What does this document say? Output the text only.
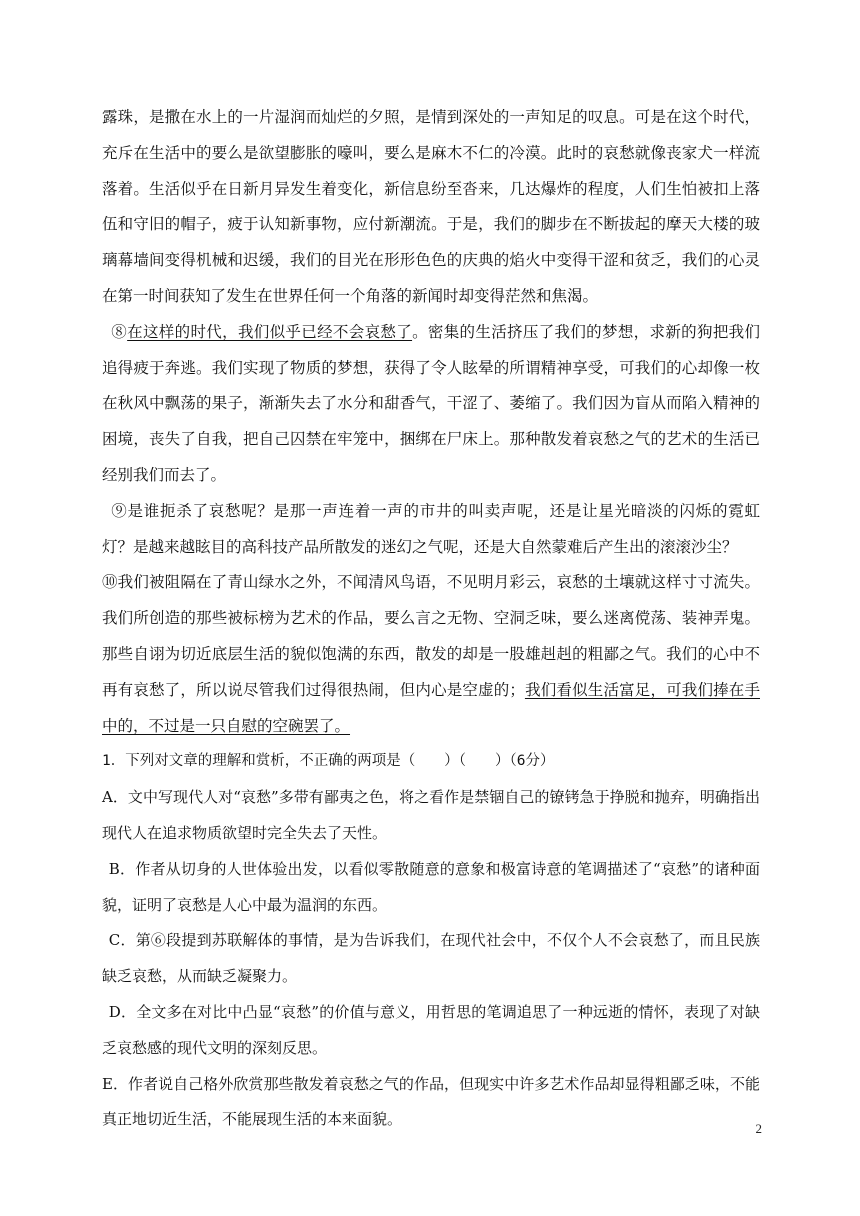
露珠，是撒在水上的一片湿润而灿烂的夕照，是情到深处的一声知足的叹息。可是在这个时代，充斥在生活中的要么是欲望膨胀的嚎叫，要么是麻木不仁的冷漠。此时的哀愁就像丧家犬一样流落着。生活似乎在日新月异发生着变化，新信息纷至沓来，几达爆炸的程度，人们生怕被扣上落伍和守旧的帽子，疲于认知新事物，应付新潮流。于是，我们的脚步在不断拔起的摩天大楼的玻璃幕墙间变得机械和迟缓，我们的目光在形形色色的庆典的焰火中变得干涩和贫乏，我们的心灵在第一时间获知了发生在世界任何一个角落的新闻时却变得茫然和焦渴。

⑧在这样的时代，我们似乎已经不会哀愁了。密集的生活挤压了我们的梦想，求新的狗把我们追得疲于奔逃。我们实现了物质的梦想，获得了令人眩晕的所谓精神享受，可我们的心却像一枚在秋风中飘荡的果子，渐渐失去了水分和甜香气，干涩了、萎缩了。我们因为盲从而陷入精神的困境，丧失了自我，把自己囚禁在牢笼中，捆绑在尸床上。那种散发着哀愁之气的艺术的生活已经别我们而去了。

⑨是谁扼杀了哀愁呢？是那一声连着一声的市井的叫卖声呢，还是让星光暗淡的闪烁的霓虹灯？是越来越眩目的高科技产品所散发的迷幻之气呢，还是大自然蒙难后产生出的滚滚沙尘？

⑩我们被阻隔在了青山绿水之外，不闻清风鸟语，不见明月彩云，哀愁的土壤就这样寸寸流失。我们所创造的那些被标榜为艺术的作品，要么言之无物、空洞乏味，要么迷离傥荡、装神弄鬼。那些自诩为切近底层生活的貌似饱满的东西，散发的却是一股雄赳赳的粗鄙之气。我们的心中不再有哀愁了，所以说尽管我们过得很热闹，但内心是空虚的；我们看似生活富足，可我们捧在手中的，不过是一只自慰的空碗罢了。

1．下列对文章的理解和赏析，不正确的两项是（　　）（　　）（6分）

A．文中写现代人对“哀愁”多带有鄙夷之色，将之看作是禁锢自己的镣铐急于挣脱和抛弃，明确指出现代人在追求物质欲望时完全失去了天性。

B．作者从切身的人世体验出发，以看似零散随意的意象和极富诗意的笔调描述了“哀愁”的诸种面貌，证明了哀愁是人心中最为温润的东西。

C．第⑥段提到苏联解体的事情，是为告诉我们，在现代社会中，不仅个人不会哀愁了，而且民族缺乏哀愁，从而缺乏凝聚力。

D．全文多在对比中凸显“哀愁”的价值与意义，用哲思的笔调追思了一种远逝的情怀，表现了对缺乏哀愁感的现代文明的深刻反思。

E．作者说自己格外欣赏那些散发着哀愁之气的作品，但现实中许多艺术作品却显得粗鄙乏味，不能真正地切近生活，不能展现生活的本来面貌。

2
